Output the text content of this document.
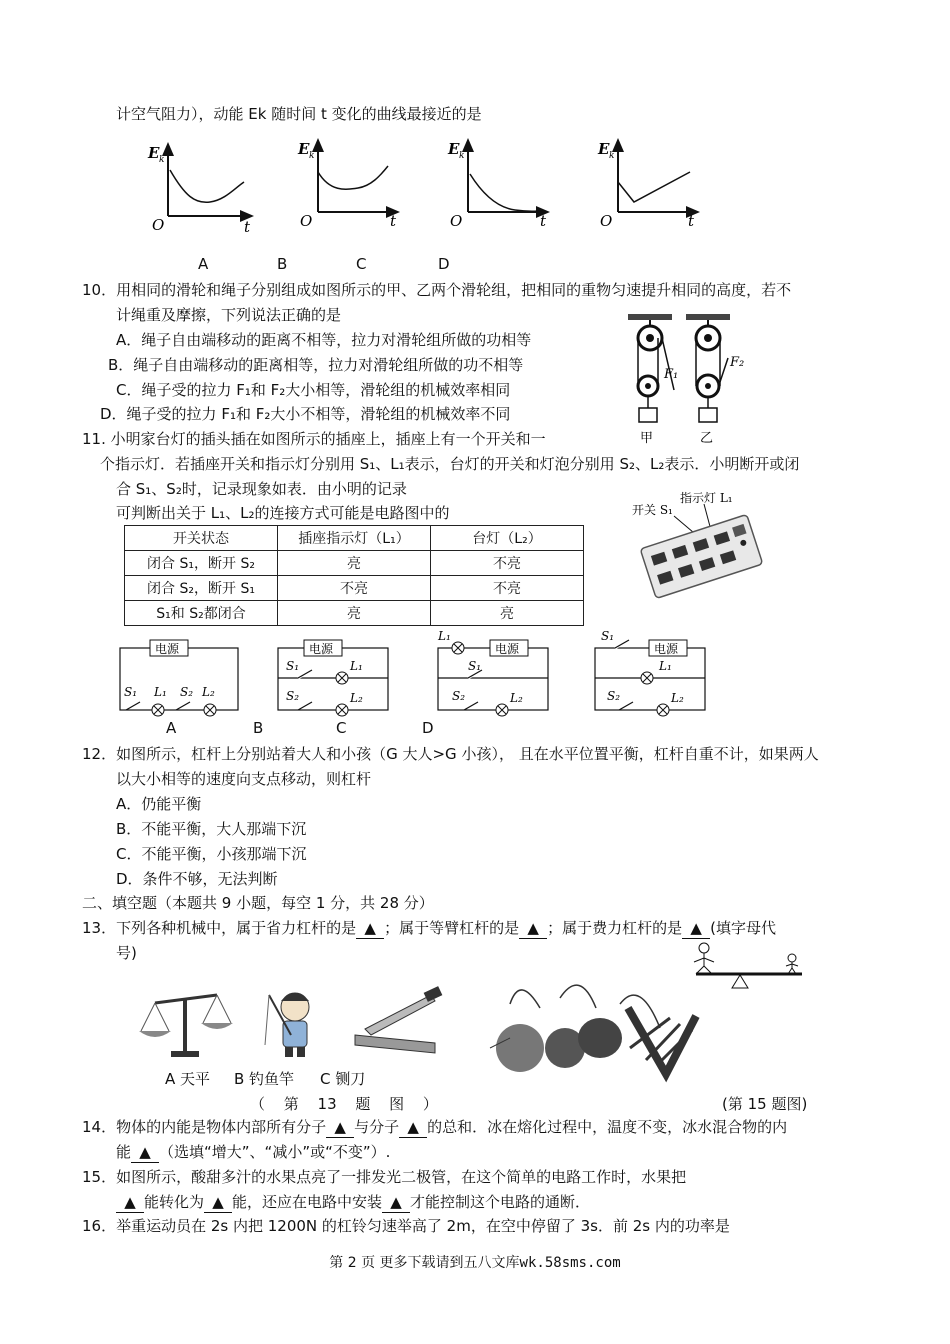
计空气阻力），动能 Ek 随时间 t 变化的曲线最接近的是
E k
O	t
E k
O	t
E k
O	t
E k
O	t
A	B	C	D
10．用相同的滑轮和绳子分别组成如图所示的甲、乙两个滑轮组，把相同的重物匀速提升相同的高度，若不
计绳重及摩擦，下列说法正确的是
A．绳子自由端移动的距离不相等，拉力对滑轮组所做的功相等
B．绳子自由端移动的距离相等，拉力对滑轮组所做的功不相等
C．绳子受的拉力 F₁和 F₂大小相等，滑轮组的机械效率相同
D．绳子受的拉力 F₁和 F₂大小不相等，滑轮组的机械效率不同
F₁
甲
F₂
乙
11. 小明家台灯的插头插在如图所示的插座上，插座上有一个开关和一
个指示灯．若插座开关和指示灯分别用 S₁、L₁表示，台灯的开关和灯泡分别用 S₂、L₂表示．小明断开或闭
合 S₁、S₂时，记录现象如表．由小明的记录
可判断出关于 L₁、L₂的连接方式可能是电路图中的
开关状态	插座指示灯（L₁）	台灯（L₂）
闭合 S₁，断开 S₂	亮	不亮
闭合 S₂，断开 S₁	不亮	不亮
S₁和 S₂都闭合	亮	亮
开关 S₁
指示灯 L₁
电源
S₁ L₁ S₂ L₂
电源
S₁	L₁
S₂	L₂
电源
L₁
S₁
S₂	L₂
电源
S₁
L₁
S₂	L₂
A	B	C	D
12．如图所示，杠杆上分别站着大人和小孩（G 大人>G 小孩）， 且在水平位置平衡，杠杆自重不计，如果两人
以大小相等的速度向支点移动，则杠杆
A．仍能平衡
B．不能平衡，大人那端下沉
C．不能平衡，小孩那端下沉
D．条件不够，无法判断
二、填空题（本题共 9 小题，每空 1 分，共 28 分）
13．下列各种机械中，属于省力杠杆的是 ▲ ；属于等臂杠杆的是 ▲ ；属于费力杠杆的是 ▲ (填字母代
号)
A 天平 B 钓鱼竿 C 铡刀
（ 第 13 题 图 ）	(第 15 题图)
14．物体的内能是物体内部所有分子 ▲ 与分子 ▲ 的总和．冰在熔化过程中，温度不变，冰水混合物的内
能 ▲ （选填“增大”、“减小”或“不变”）.
15．如图所示，酸甜多汁的水果点亮了一排发光二极管，在这个简单的电路工作时，水果把
▲ 能转化为 ▲ 能，还应在电路中安装 ▲ 才能控制这个电路的通断．
16．举重运动员在 2s 内把 1200N 的杠铃匀速举高了 2m，在空中停留了 3s．前 2s 内的功率是
第 2 页 更多下载请到五八文库wk.58sms.com
